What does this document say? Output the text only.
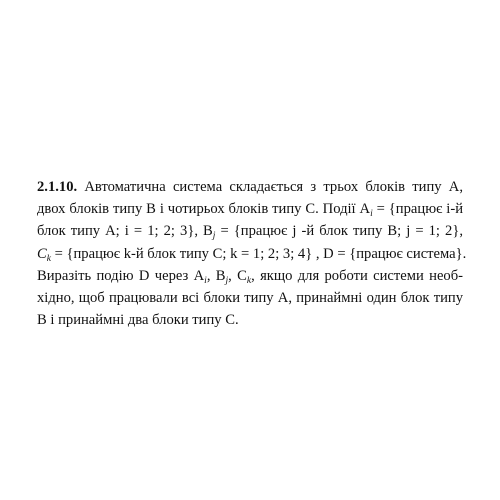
2.1.10. Автоматична система складається з трьох блоків типу A,
двох блоків типу B і чотирьох блоків типу C. Події $A_i$ = {працює i-й
блок типу A; i = 1; 2; 3}, $B_j$ = {працює j -й блок типу B; j = 1; 2},
$C_k$ = {працює k-й блок типу C; k = 1; 2; 3; 4} , D = {працює система}.
Виразіть подію D через $A_i$, $B_j$, $C_k$, якщо для роботи системи необ-
хідно, щоб працювали всі блоки типу A, принаймні один блок типу
B і принаймні два блоки типу C.
